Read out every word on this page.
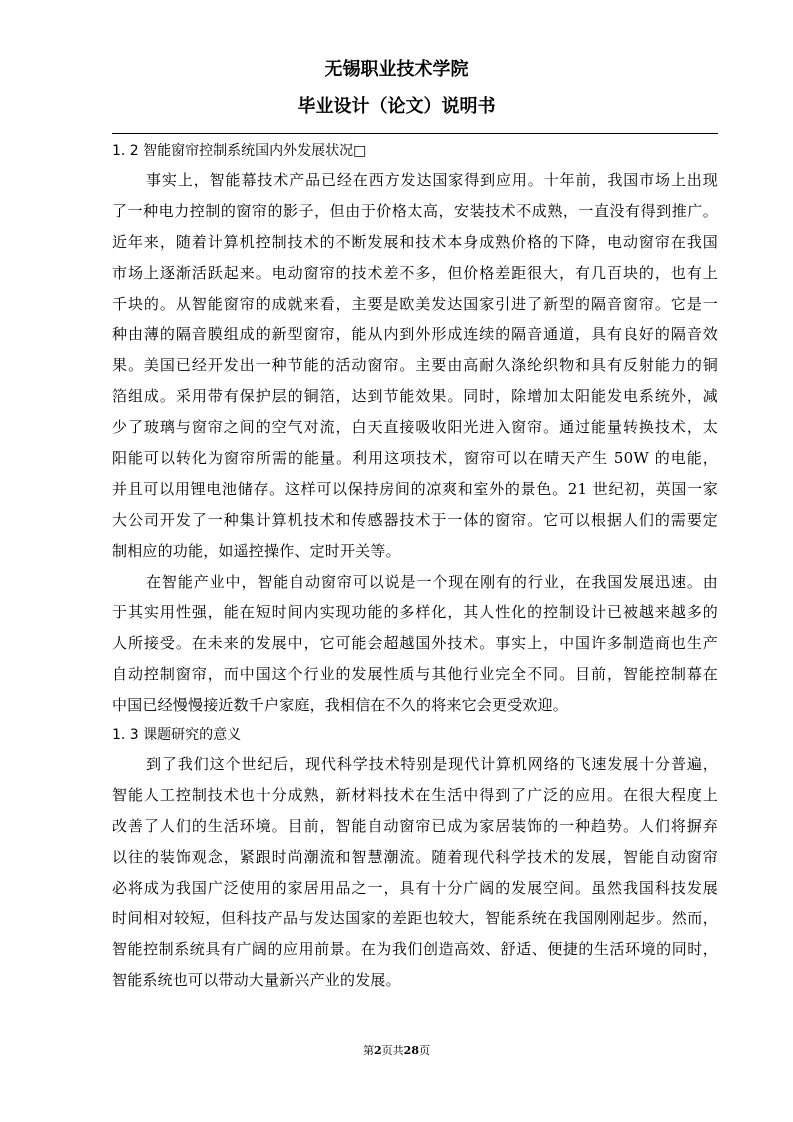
无锡职业技术学院
毕业设计（论文）说明书
1. 2 智能窗帘控制系统国内外发展状况□
事实上，智能幕技术产品已经在西方发达国家得到应用。十年前，我国市场上出现
了一种电力控制的窗帘的影子，但由于价格太高，安装技术不成熟，一直没有得到推广。
近年来，随着计算机控制技术的不断发展和技术本身成熟价格的下降，电动窗帘在我国
市场上逐渐活跃起来。电动窗帘的技术差不多，但价格差距很大，有几百块的，也有上
千块的。从智能窗帘的成就来看，主要是欧美发达国家引进了新型的隔音窗帘。它是一
种由薄的隔音膜组成的新型窗帘，能从内到外形成连续的隔音通道，具有良好的隔音效
果。美国已经开发出一种节能的活动窗帘。主要由高耐久涤纶织物和具有反射能力的铜
箔组成。采用带有保护层的铜箔，达到节能效果。同时，除增加太阳能发电系统外，减
少了玻璃与窗帘之间的空气对流，白天直接吸收阳光进入窗帘。通过能量转换技术，太
阳能可以转化为窗帘所需的能量。利用这项技术，窗帘可以在晴天产生 50W 的电能，
并且可以用锂电池储存。这样可以保持房间的凉爽和室外的景色。21 世纪初，英国一家
大公司开发了一种集计算机技术和传感器技术于一体的窗帘。它可以根据人们的需要定
制相应的功能，如遥控操作、定时开关等。
在智能产业中，智能自动窗帘可以说是一个现在刚有的行业，在我国发展迅速。由
于其实用性强，能在短时间内实现功能的多样化，其人性化的控制设计已被越来越多的
人所接受。在未来的发展中，它可能会超越国外技术。事实上，中国许多制造商也生产
自动控制窗帘，而中国这个行业的发展性质与其他行业完全不同。目前，智能控制幕在
中国已经慢慢接近数千户家庭，我相信在不久的将来它会更受欢迎。
1. 3 课题研究的意义
到了我们这个世纪后，现代科学技术特别是现代计算机网络的飞速发展十分普遍，
智能人工控制技术也十分成熟，新材料技术在生活中得到了广泛的应用。在很大程度上
改善了人们的生活环境。目前，智能自动窗帘已成为家居装饰的一种趋势。人们将摒弃
以往的装饰观念，紧跟时尚潮流和智慧潮流。随着现代科学技术的发展，智能自动窗帘
必将成为我国广泛使用的家居用品之一，具有十分广阔的发展空间。虽然我国科技发展
时间相对较短，但科技产品与发达国家的差距也较大，智能系统在我国刚刚起步。然而，
智能控制系统具有广阔的应用前景。在为我们创造高效、舒适、便捷的生活环境的同时，
智能系统也可以带动大量新兴产业的发展。
第2页共28页
